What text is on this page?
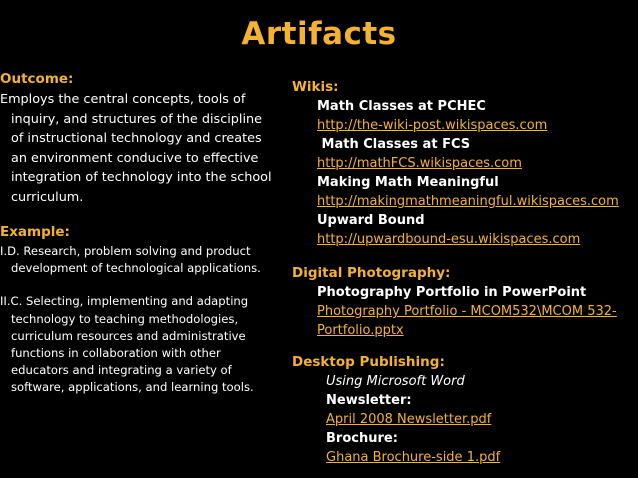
Artifacts
Outcome:
Employs the central concepts, tools of inquiry, and structures of the discipline of instructional technology and creates an environment conducive to effective integration of technology into the school curriculum.
Example:
I.D. Research, problem solving and product development of technological applications.
II.C. Selecting, implementing and adapting technology to teaching methodologies, curriculum resources and administrative functions in collaboration with other educators and integrating a variety of software, applications, and learning tools.
Wikis:
Math Classes at PCHEC
http://the-wiki-post.wikispaces.com
Math Classes at FCS
http://mathFCS.wikispaces.com
Making Math Meaningful
http://makingmathmeaningful.wikispaces.com
Upward Bound
http://upwardbound-esu.wikispaces.com
Digital Photography:
Photography Portfolio in PowerPoint
Photography Portfolio - MCOM532\MCOM 532-Portfolio.pptx
Desktop Publishing:
Using Microsoft Word
Newsletter:
April 2008 Newsletter.pdf
Brochure:
Ghana Brochure-side 1.pdf
